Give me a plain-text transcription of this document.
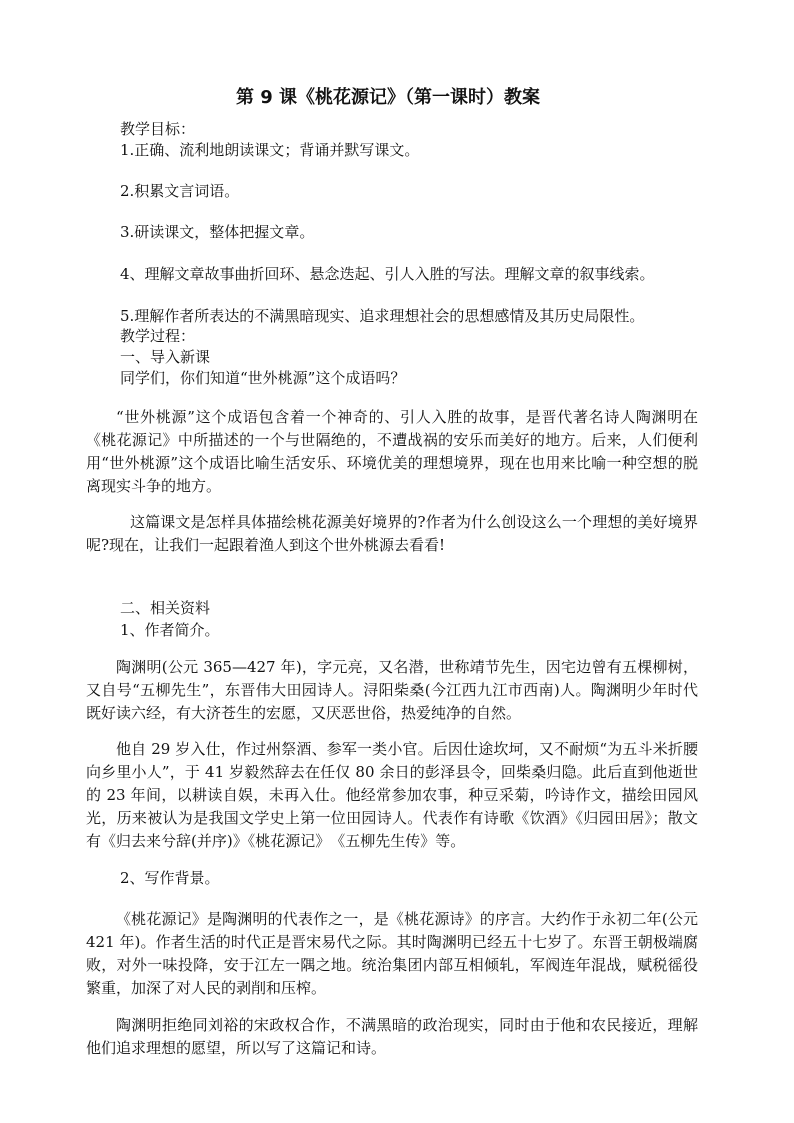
第 9 课《桃花源记》（第一课时）教案
教学目标：
1.正确、流利地朗读课文；背诵并默写课文。
2.积累文言词语。
3.研读课文，整体把握文章。
4、理解文章故事曲折回环、悬念迭起、引人入胜的写法。理解文章的叙事线索。
5.理解作者所表达的不满黑暗现实、追求理想社会的思想感情及其历史局限性。
教学过程：
一、导入新课
同学们，你们知道“世外桃源”这个成语吗？
“世外桃源”这个成语包含着一个神奇的、引人入胜的故事，是晋代著名诗人陶渊明在《桃花源记》中所描述的一个与世隔绝的，不遭战祸的安乐而美好的地方。后来，人们便利用“世外桃源”这个成语比喻生活安乐、环境优美的理想境界，现在也用来比喻一种空想的脱离现实斗争的地方。
这篇课文是怎样具体描绘桃花源美好境界的?作者为什么创设这么一个理想的美好境界呢?现在，让我们一起跟着渔人到这个世外桃源去看看!
二、相关资料
1、作者简介。
陶渊明(公元 365—427 年)，字元亮，又名潜，世称靖节先生，因宅边曾有五棵柳树，又自号“五柳先生”，东晋伟大田园诗人。浔阳柴桑(今江西九江市西南)人。陶渊明少年时代既好读六经，有大济苍生的宏愿，又厌恶世俗，热爱纯净的自然。
他自 29 岁入仕，作过州祭酒、参军一类小官。后因仕途坎坷，又不耐烦“为五斗米折腰向乡里小人”，于 41 岁毅然辞去在任仅 80 余日的彭泽县令，回柴桑归隐。此后直到他逝世的 23 年间，以耕读自娱，未再入仕。他经常参加农事，种豆采菊，吟诗作文，描绘田园风光，历来被认为是我国文学史上第一位田园诗人。代表作有诗歌《饮酒》《归园田居》；散文有《归去来兮辞(并序)》《桃花源记》　《五柳先生传》等。
2、写作背景。
《桃花源记》是陶渊明的代表作之一，是《桃花源诗》的序言。大约作于永初二年(公元 421 年)。作者生活的时代正是晋宋易代之际。其时陶渊明已经五十七岁了。东晋王朝极端腐败，对外一味投降，安于江左一隅之地。统治集团内部互相倾轧，军阀连年混战，赋税徭役繁重，加深了对人民的剥削和压榨。
陶渊明拒绝同刘裕的宋政权合作，不满黑暗的政治现实，同时由于他和农民接近，理解他们追求理想的愿望，所以写了这篇记和诗。
